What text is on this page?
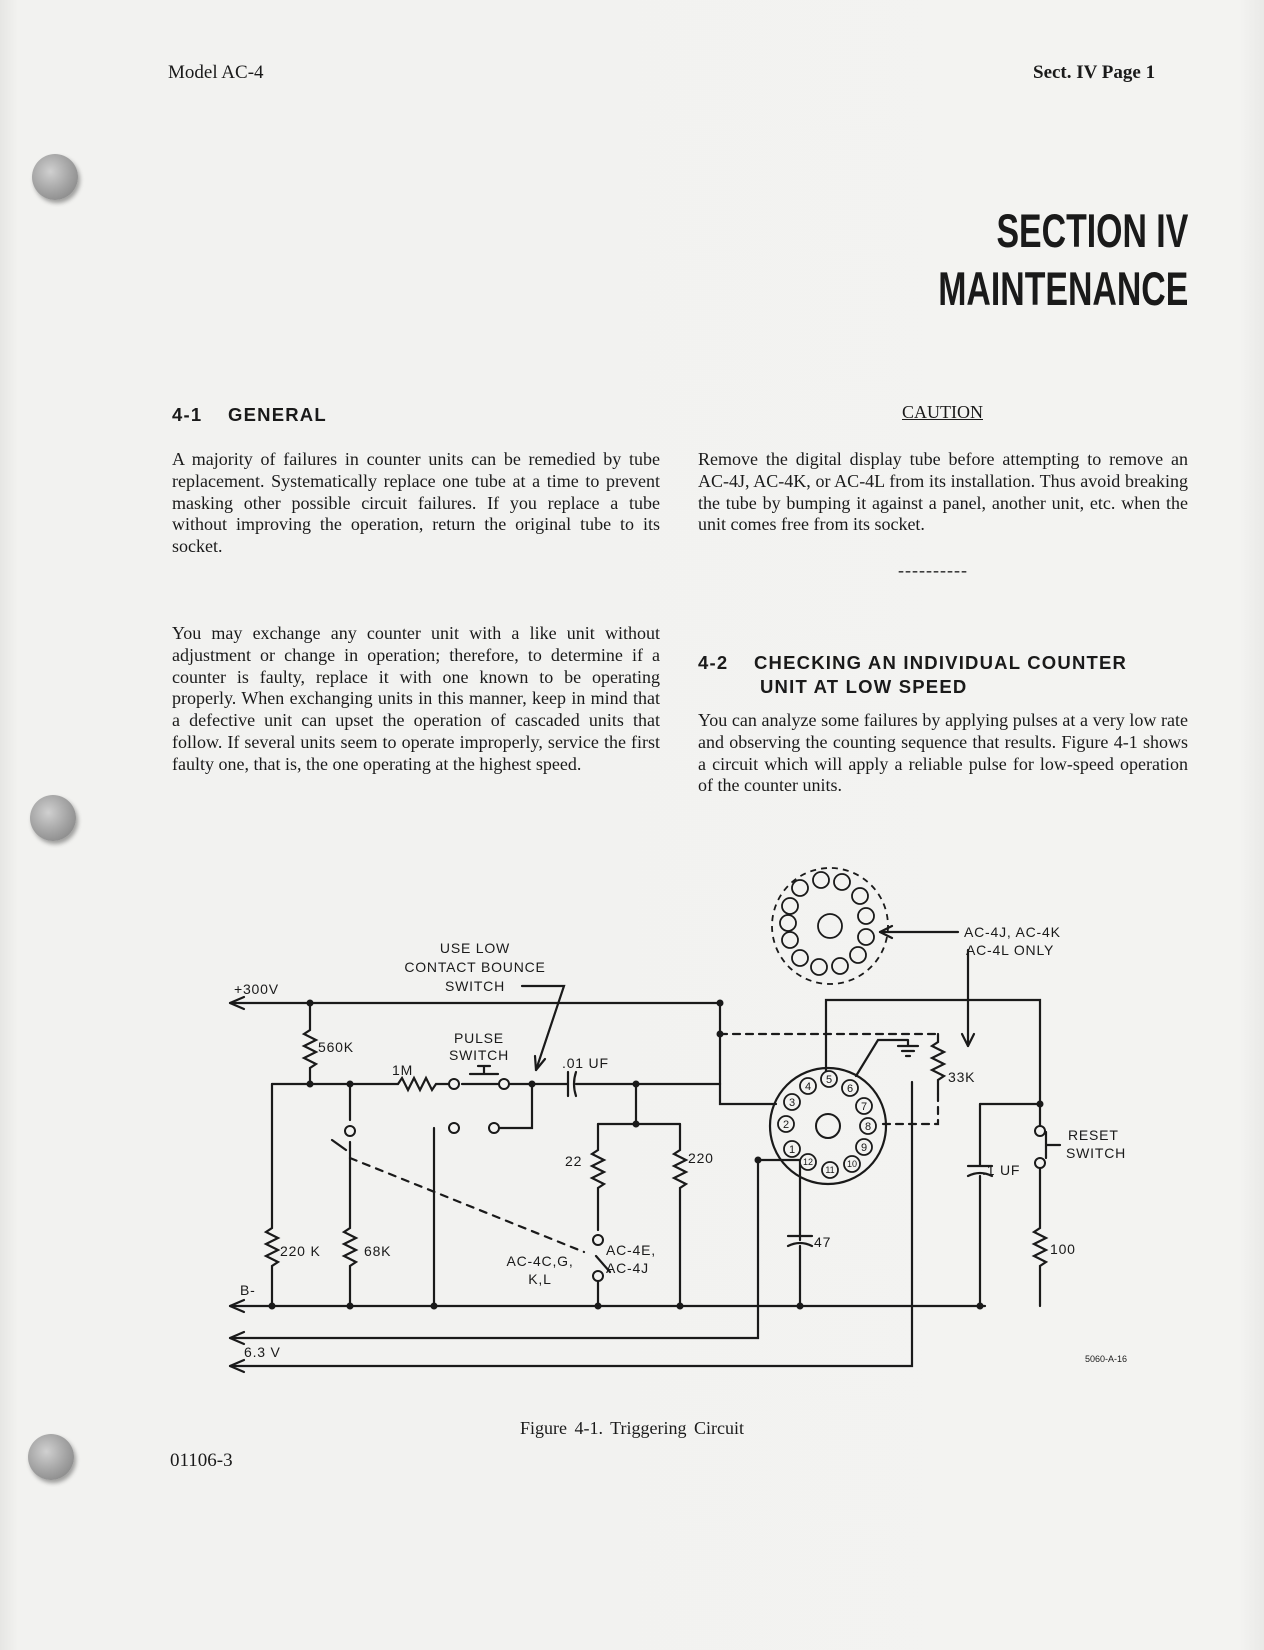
Model AC-4	Sect. IV Page 1
SECTION IV
MAINTENANCE
4-1 GENERAL
A majority of failures in counter units can be remedied by tube replacement. Systematically replace one tube at a time to prevent masking other possible circuit failures. If you replace a tube without improving the operation, return the original tube to its socket.
You may exchange any counter unit with a like unit without adjustment or change in operation; therefore, to determine if a counter is faulty, replace it with one known to be operating properly. When exchanging units in this manner, keep in mind that a defective unit can upset the operation of cascaded units that follow. If several units seem to operate improperly, service the first faulty one, that is, the one operating at the highest speed.
CAUTION
Remove the digital display tube before attempting to remove an AC-4J, AC-4K, or AC-4L from its installation. Thus avoid breaking the tube by bumping it against a panel, another unit, etc. when the unit comes free from its socket.
----------
4-2 CHECKING AN INDIVIDUAL COUNTER
UNIT AT LOW SPEED
You can analyze some failures by applying pulses at a very low rate and observing the counting sequence that results. Figure 4-1 shows a circuit which will apply a reliable pulse for low-speed operation of the counter units.
1
2
3
4
5
6
7
8
9
10
11
12
USE LOW
CONTACT BOUNCE
SWITCH
+300V
560K
PULSE
SWITCH
1M	.01 UF
22	220
220 K	68K
B-
6.3 V
AC-4C,G,
K,L
AC-4E,
AC-4J
47
33K
.1 UF
100
RESET
SWITCH
AC-4J, AC-4K
AC-4L ONLY
5060-A-16
Figure 4-1. Triggering Circuit
01106-3
